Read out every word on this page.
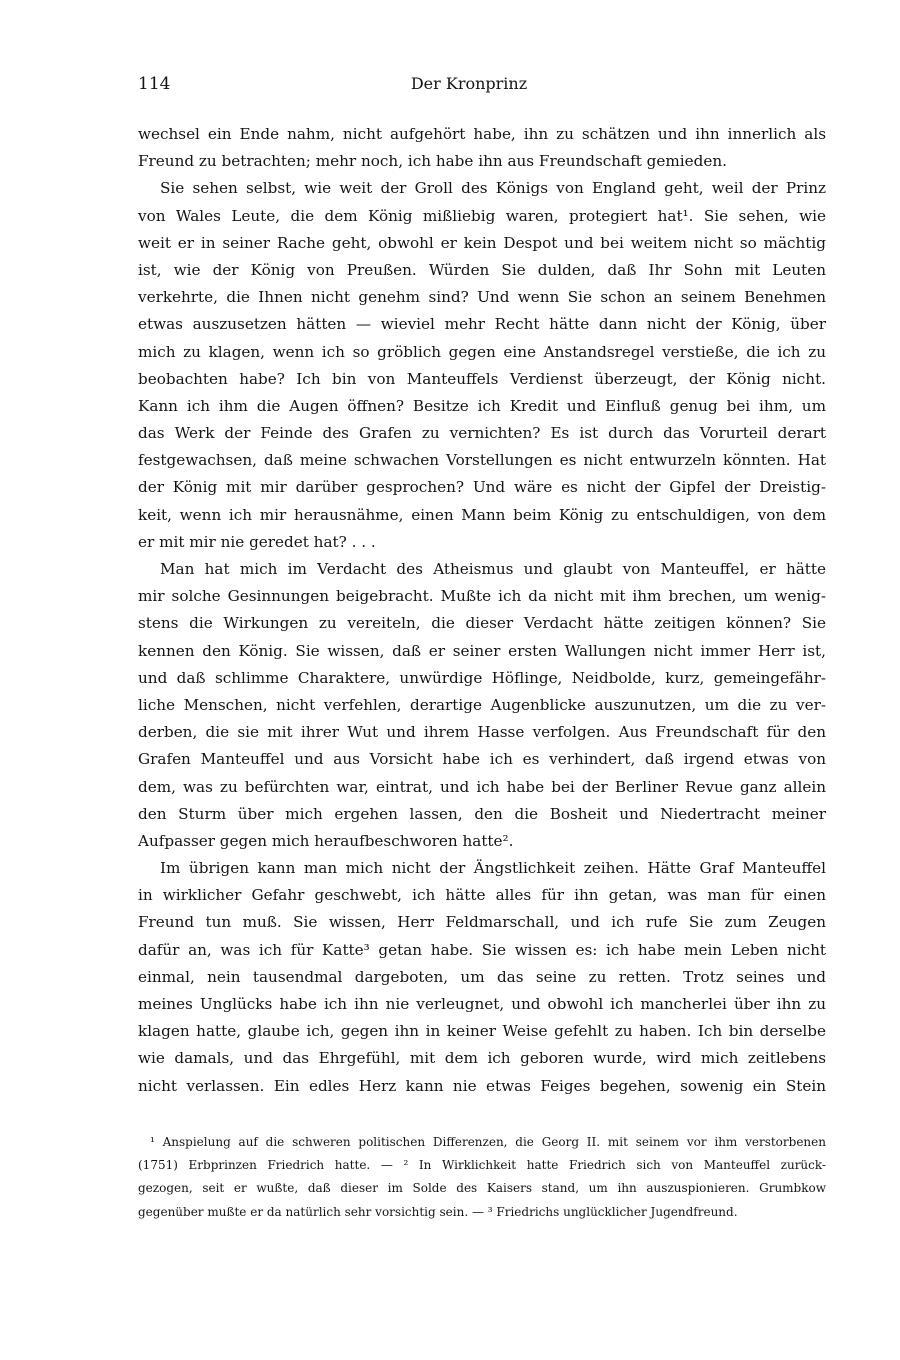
114	Der Kronprinz
wechsel ein Ende nahm, nicht aufgehört habe, ihn zu schätzen und ihn innerlich als
Freund zu betrachten; mehr noch, ich habe ihn aus Freundschaft gemieden.
Sie sehen selbst, wie weit der Groll des Königs von England geht, weil der Prinz
von Wales Leute, die dem König mißliebig waren, protegiert hat¹. Sie sehen, wie
weit er in seiner Rache geht, obwohl er kein Despot und bei weitem nicht so mächtig
ist, wie der König von Preußen. Würden Sie dulden, daß Ihr Sohn mit Leuten
verkehrte, die Ihnen nicht genehm sind? Und wenn Sie schon an seinem Benehmen
etwas auszusetzen hätten — wieviel mehr Recht hätte dann nicht der König, über
mich zu klagen, wenn ich so gröblich gegen eine Anstandsregel verstieße, die ich zu
beobachten habe? Ich bin von Manteuffels Verdienst überzeugt, der König nicht.
Kann ich ihm die Augen öffnen? Besitze ich Kredit und Einfluß genug bei ihm, um
das Werk der Feinde des Grafen zu vernichten? Es ist durch das Vorurteil derart
festgewachsen, daß meine schwachen Vorstellungen es nicht entwurzeln könnten. Hat
der König mit mir darüber gesprochen? Und wäre es nicht der Gipfel der Dreistig-
keit, wenn ich mir herausnähme, einen Mann beim König zu entschuldigen, von dem
er mit mir nie geredet hat? . . .
Man hat mich im Verdacht des Atheismus und glaubt von Manteuffel, er hätte
mir solche Gesinnungen beigebracht. Mußte ich da nicht mit ihm brechen, um wenig-
stens die Wirkungen zu vereiteln, die dieser Verdacht hätte zeitigen können? Sie
kennen den König. Sie wissen, daß er seiner ersten Wallungen nicht immer Herr ist,
und daß schlimme Charaktere, unwürdige Höflinge, Neidbolde, kurz, gemeingefähr-
liche Menschen, nicht verfehlen, derartige Augenblicke auszunutzen, um die zu ver-
derben, die sie mit ihrer Wut und ihrem Hasse verfolgen. Aus Freundschaft für den
Grafen Manteuffel und aus Vorsicht habe ich es verhindert, daß irgend etwas von
dem, was zu befürchten war, eintrat, und ich habe bei der Berliner Revue ganz allein
den Sturm über mich ergehen lassen, den die Bosheit und Niedertracht meiner
Aufpasser gegen mich heraufbeschworen hatte².
Im übrigen kann man mich nicht der Ängstlichkeit zeihen. Hätte Graf Manteuffel
in wirklicher Gefahr geschwebt, ich hätte alles für ihn getan, was man für einen
Freund tun muß. Sie wissen, Herr Feldmarschall, und ich rufe Sie zum Zeugen
dafür an, was ich für Katte³ getan habe. Sie wissen es: ich habe mein Leben nicht
einmal, nein tausendmal dargeboten, um das seine zu retten. Trotz seines und
meines Unglücks habe ich ihn nie verleugnet, und obwohl ich mancherlei über ihn zu
klagen hatte, glaube ich, gegen ihn in keiner Weise gefehlt zu haben. Ich bin derselbe
wie damals, und das Ehrgefühl, mit dem ich geboren wurde, wird mich zeitlebens
nicht verlassen. Ein edles Herz kann nie etwas Feiges begehen, sowenig ein Stein
¹ Anspielung auf die schweren politischen Differenzen, die Georg II. mit seinem vor ihm verstorbenen
(1751) Erbprinzen Friedrich hatte. — ² In Wirklichkeit hatte Friedrich sich von Manteuffel zurück-
gezogen, seit er wußte, daß dieser im Solde des Kaisers stand, um ihn auszuspionieren. Grumbkow
gegenüber mußte er da natürlich sehr vorsichtig sein. — ³ Friedrichs unglücklicher Jugendfreund.
